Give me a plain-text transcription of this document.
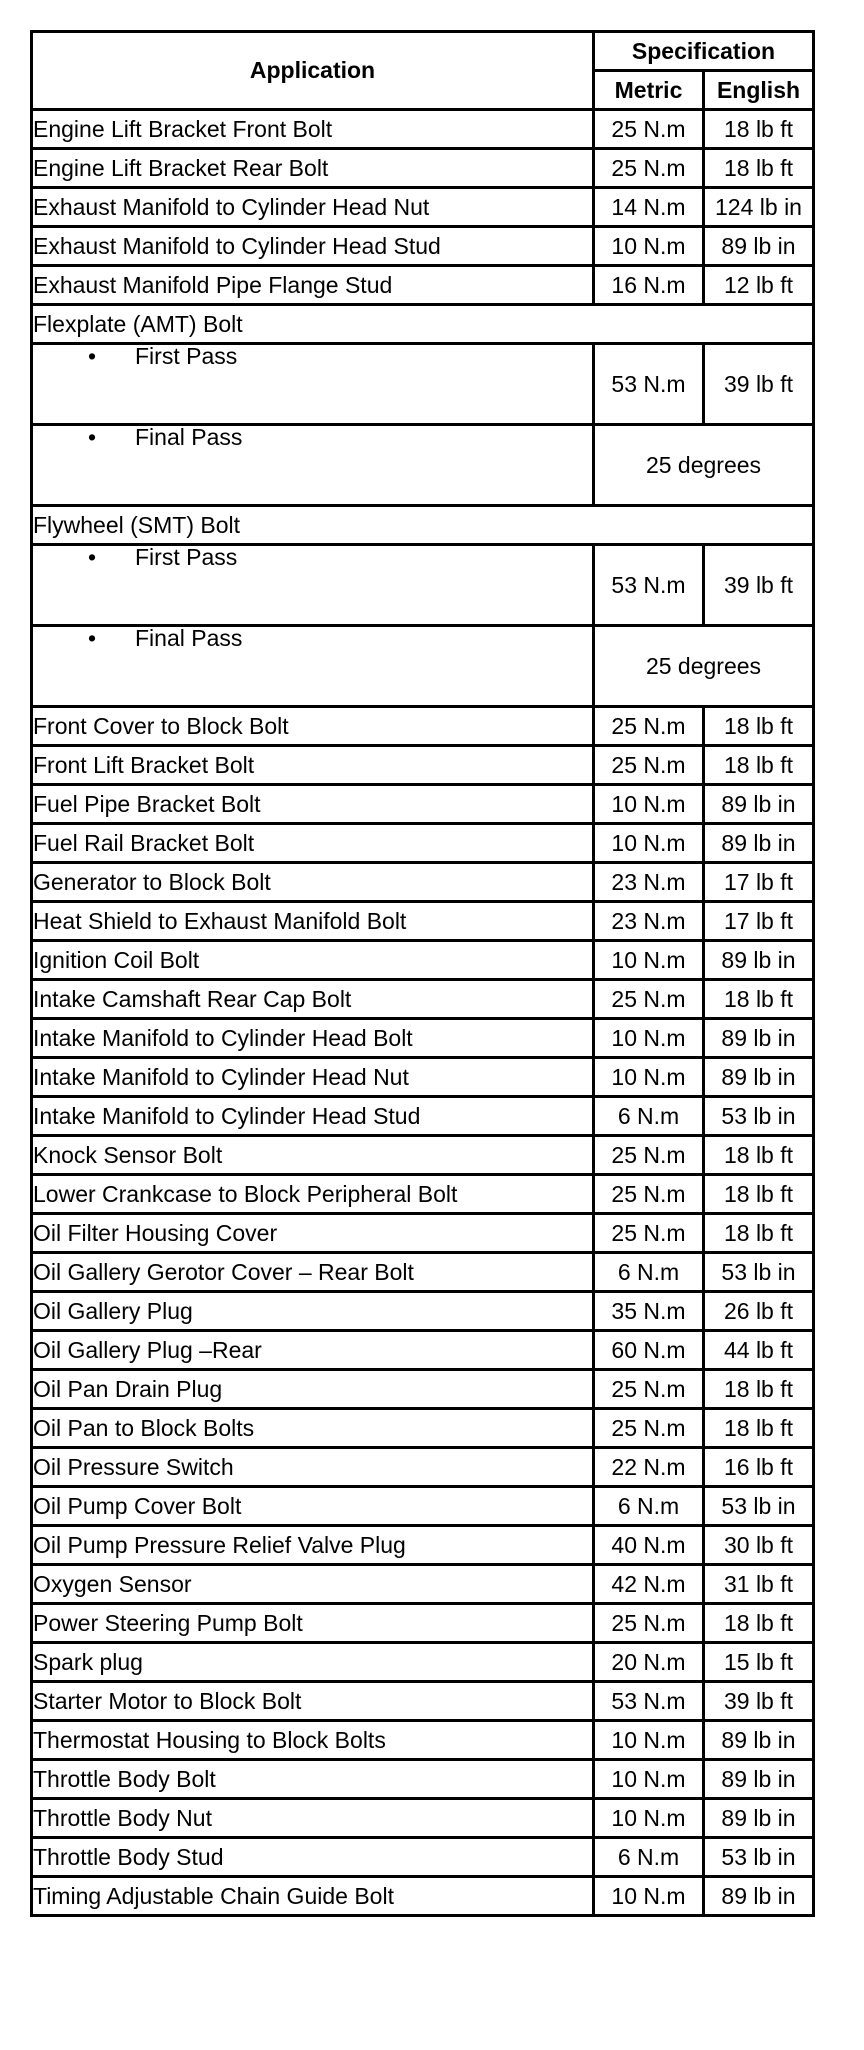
Application	Specification	
	Metric	English
Engine Lift Bracket Front Bolt	25 N.m	18 lb ft
Engine Lift Bracket Rear Bolt	25 N.m	18 lb ft
Exhaust Manifold to Cylinder Head Nut	14 N.m	124 lb in
Exhaust Manifold to Cylinder Head Stud	10 N.m	89 lb in
Exhaust Manifold Pipe Flange Stud	16 N.m	12 lb ft
Flexplate (AMT) Bolt		
• First Pass	53 N.m	39 lb ft
• Final Pass	25 degrees	
Flywheel (SMT) Bolt		
• First Pass	53 N.m	39 lb ft
• Final Pass	25 degrees	
Front Cover to Block Bolt	25 N.m	18 lb ft
Front Lift Bracket Bolt	25 N.m	18 lb ft
Fuel Pipe Bracket Bolt	10 N.m	89 lb in
Fuel Rail Bracket Bolt	10 N.m	89 lb in
Generator to Block Bolt	23 N.m	17 lb ft
Heat Shield to Exhaust Manifold Bolt	23 N.m	17 lb ft
Ignition Coil Bolt	10 N.m	89 lb in
Intake Camshaft Rear Cap Bolt	25 N.m	18 lb ft
Intake Manifold to Cylinder Head Bolt	10 N.m	89 lb in
Intake Manifold to Cylinder Head Nut	10 N.m	89 lb in
Intake Manifold to Cylinder Head Stud	6 N.m	53 lb in
Knock Sensor Bolt	25 N.m	18 lb ft
Lower Crankcase to Block Peripheral Bolt	25 N.m	18 lb ft
Oil Filter Housing Cover	25 N.m	18 lb ft
Oil Gallery Gerotor Cover – Rear Bolt	6 N.m	53 lb in
Oil Gallery Plug	35 N.m	26 lb ft
Oil Gallery Plug –Rear	60 N.m	44 lb ft
Oil Pan Drain Plug	25 N.m	18 lb ft
Oil Pan to Block Bolts	25 N.m	18 lb ft
Oil Pressure Switch	22 N.m	16 lb ft
Oil Pump Cover Bolt	6 N.m	53 lb in
Oil Pump Pressure Relief Valve Plug	40 N.m	30 lb ft
Oxygen Sensor	42 N.m	31 lb ft
Power Steering Pump Bolt	25 N.m	18 lb ft
Spark plug	20 N.m	15 lb ft
Starter Motor to Block Bolt	53 N.m	39 lb ft
Thermostat Housing to Block Bolts	10 N.m	89 lb in
Throttle Body Bolt	10 N.m	89 lb in
Throttle Body Nut	10 N.m	89 lb in
Throttle Body Stud	6 N.m	53 lb in
Timing Adjustable Chain Guide Bolt	10 N.m	89 lb in
